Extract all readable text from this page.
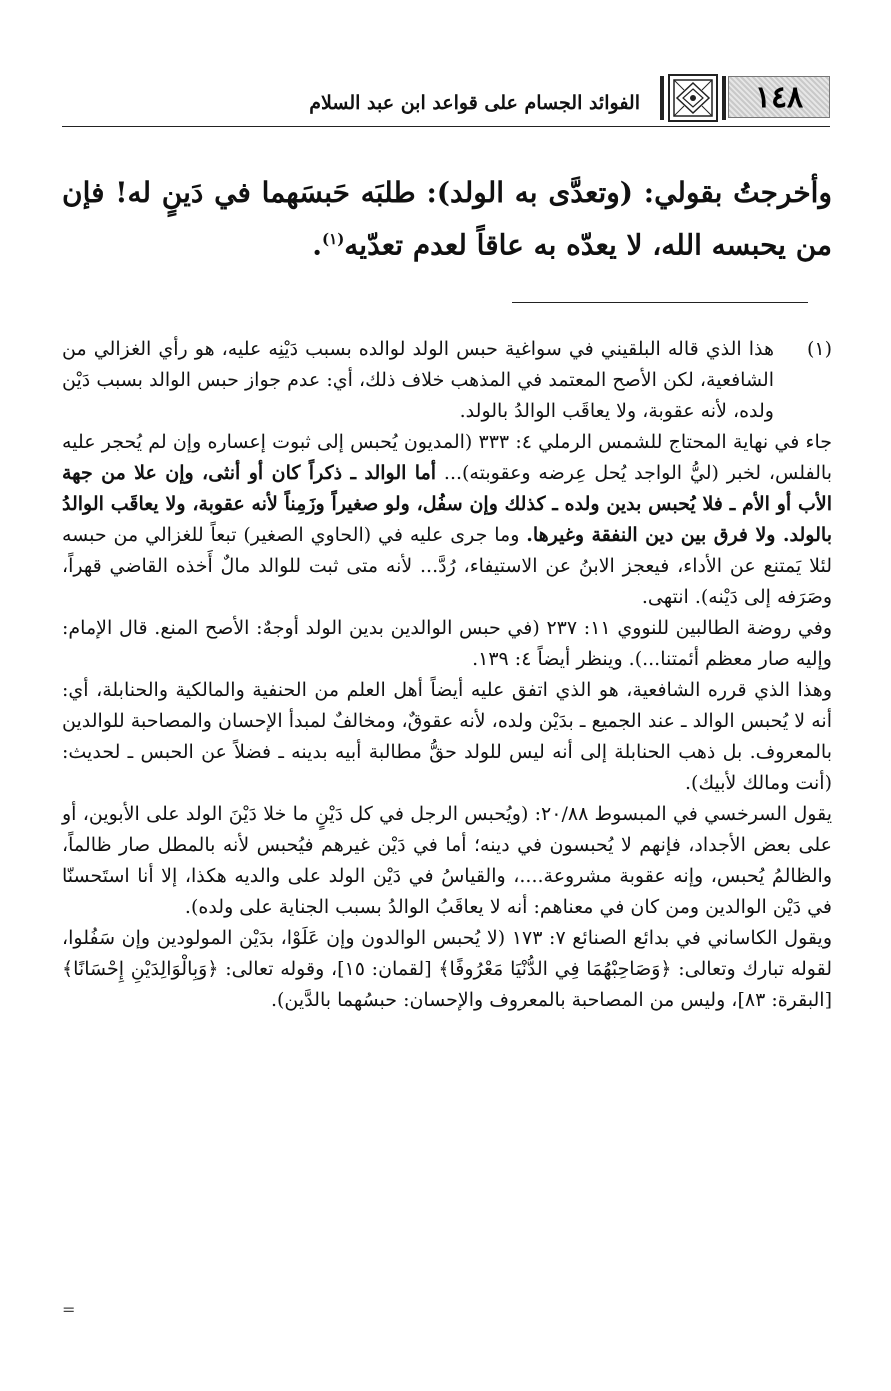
١٤٨
الفوائد الجسام على قواعد ابن عبد السلام
وأخرجتُ بقولي: (وتعدَّى به الولد): طلبَه حَبسَهما في دَينٍ له! فإن من يحبسه الله، لا يعدّه به عاقاً لعدم تعدّيه$^{(١)}$.
(١)

هذا الذي قاله البلقيني في سواغية حبس الولد لوالده بسبب دَيْنِه عليه، هو رأي الغزالي من الشافعية، لكن الأصح المعتمد في المذهب خلاف ذلك، أي: عدم جواز حبس الوالد بسبب دَيْن ولده، لأنه عقوبة، ولا يعاقَب الوالدُ بالولد.

جاء في نهاية المحتاج للشمس الرملي ٤: ٣٣٣ (المديون يُحبس إلى ثبوت إعساره وإن لم يُحجر عليه بالفلس، لخبر (ليُّ الواجد يُحل عِرضه وعقوبته)... أما الوالد ـ ذكراً كان أو أنثى، وإن علا من جهة الأب أو الأم ـ فلا يُحبس بدين ولده ـ كذلك وإن سفُل، ولو صغيراً وزَمِناً لأنه عقوبة، ولا يعاقَب الوالدُ بالولد. ولا فرق بين دين النفقة وغيرها. وما جرى عليه في (الحاوي الصغير) تبعاً للغزالي من حبسه لئلا يَمتنع عن الأداء، فيعجز الابنُ عن الاستيفاء، رُدَّ... لأنه متى ثبت للوالد مالٌ أَخذه القاضي قهراً، وصَرَفه إلى دَيْنه). انتهى.

وفي روضة الطالبين للنووي ١١: ٢٣٧ (في حبس الوالدين بدين الولد أوجهٌ: الأصح المنع. قال الإمام: وإليه صار معظم أئمتنا...). وينظر أيضاً ٤: ١٣٩.

وهذا الذي قرره الشافعية، هو الذي اتفق عليه أيضاً أهل العلم من الحنفية والمالكية والحنابلة، أي: أنه لا يُحبس الوالد ـ عند الجميع ـ بدَيْن ولده، لأنه عقوقٌ، ومخالفٌ لمبدأ الإحسان والمصاحبة للوالدين بالمعروف. بل ذهب الحنابلة إلى أنه ليس للولد حقُّ مطالبة أبيه بدينه ـ فضلاً عن الحبس ـ لحديث: (أنت ومالك لأبيك).

يقول السرخسي في المبسوط ٢٠/٨٨: (ويُحبس الرجل في كل دَيْنٍ ما خلا دَيْنَ الولد على الأبوين، أو على بعض الأجداد، فإنهم لا يُحبسون في دينه؛ أما في دَيْن غيرهم فيُحبس لأنه بالمطل صار ظالماً، والظالمُ يُحبس، وإنه عقوبة مشروعة....، والقياسُ في دَيْن الولد على والديه هكذا، إلا أنا استَحسنّا في دَيْن الوالدين ومن كان في معناهم: أنه لا يعاقَبُ الوالدُ بسبب الجناية على ولده).

ويقول الكاساني في بدائع الصنائع ٧: ١٧٣ (لا يُحبس الوالدون وإن عَلَوْا، بدَيْن المولودين وإن سَفُلوا، لقوله تبارك وتعالى: ﴿وَصَاحِبْهُمَا فِي الدُّنْيَا مَعْرُوفًا﴾ [لقمان: ١٥]، وقوله تعالى: ﴿وَبِالْوَالِدَيْنِ إِحْسَانًا﴾ [البقرة: ٨٣]، وليس من المصاحبة بالمعروف والإحسان: حبسُهما بالدَّين).

=
